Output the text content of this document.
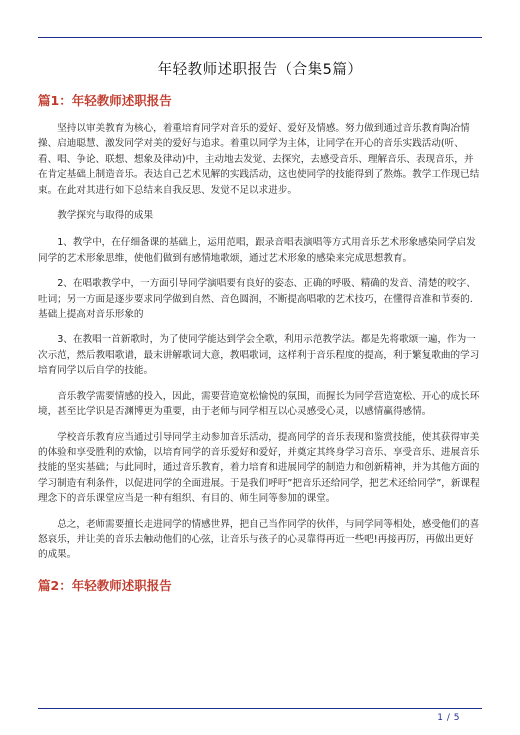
年轻教师述职报告（合集5篇）
篇1：年轻教师述职报告
坚持以审美教育为核心，着重培育同学对音乐的爱好、爱好及情感。努力做到通过音乐教育陶冶情操、启迪聪慧、激发同学对美的爱好与追求。着重以同学为主体，让同学在开心的音乐实践活动(听、看、唱、争论、联想、想象及律动)中，主动地去发觉、去探究，去感受音乐、理解音乐、表现音乐，并在肯定基础上制造音乐。表达自己艺术见解的实践活动，这也使同学的技能得到了熬炼。教学工作现已结束。在此对其进行如下总结来自我反思、发觉不足以求进步。
教学探究与取得的成果
1、教学中，在仔细备课的基础上，运用范唱，跟录音唱表演唱等方式用音乐艺术形象感染同学启发同学的艺术形象思维，使他们做到有感情地歌颂，通过艺术形象的感染来完成思想教育。
2、在唱歌教学中，一方面引导同学演唱要有良好的姿态、正确的呼吸、精确的发音、清楚的咬字、吐词；另一方面是逐步要求同学做到自然、音色圆润，不断提高唱歌的艺术技巧，在懂得音准和节奏的.基础上提高对音乐形象的
3、在教唱一首新歌时，为了使同学能达到学会全歌，利用示范教学法。都是先将歌颂一遍，作为一次示范，然后教唱歌谱，最末讲解歌词大意，教唱歌词，这样利于音乐程度的提高，利于繁复歌曲的学习培育同学以后自学的技能。
音乐教学需要情感的投入，因此，需要营造宽松愉悦的氛围，而握长为同学营造宽松、开心的成长环境，甚至比学识是否渊博更为重要，由于老师与同学相互以心灵感受心灵，以感情赢得感情。
学校音乐教育应当通过引导同学主动参加音乐活动，提高同学的音乐表现和鉴赏技能，使其获得审美的体验和享受胜利的欢愉，以培育同学的音乐爱好和爱好，并奠定其终身学习音乐、享受音乐、进展音乐技能的坚实基础；与此同时，通过音乐教育，着力培育和进展同学的制造力和创新精神，并为其他方面的学习制造有利条件，以促进同学的全面进展。于是我们呼吁”把音乐还给同学，把艺术还给同学”，新课程理念下的音乐课堂应当是一种有组织、有目的、师生同等参加的课堂。
总之，老师需要擅长走进同学的情感世界，把自己当作同学的伙伴，与同学同等相处，感受他们的喜怒哀乐，并让美的音乐去触动他们的心弦，让音乐与孩子的心灵靠得再近一些吧!再接再厉，再做出更好的成果。
篇2：年轻教师述职报告
1 / 5
